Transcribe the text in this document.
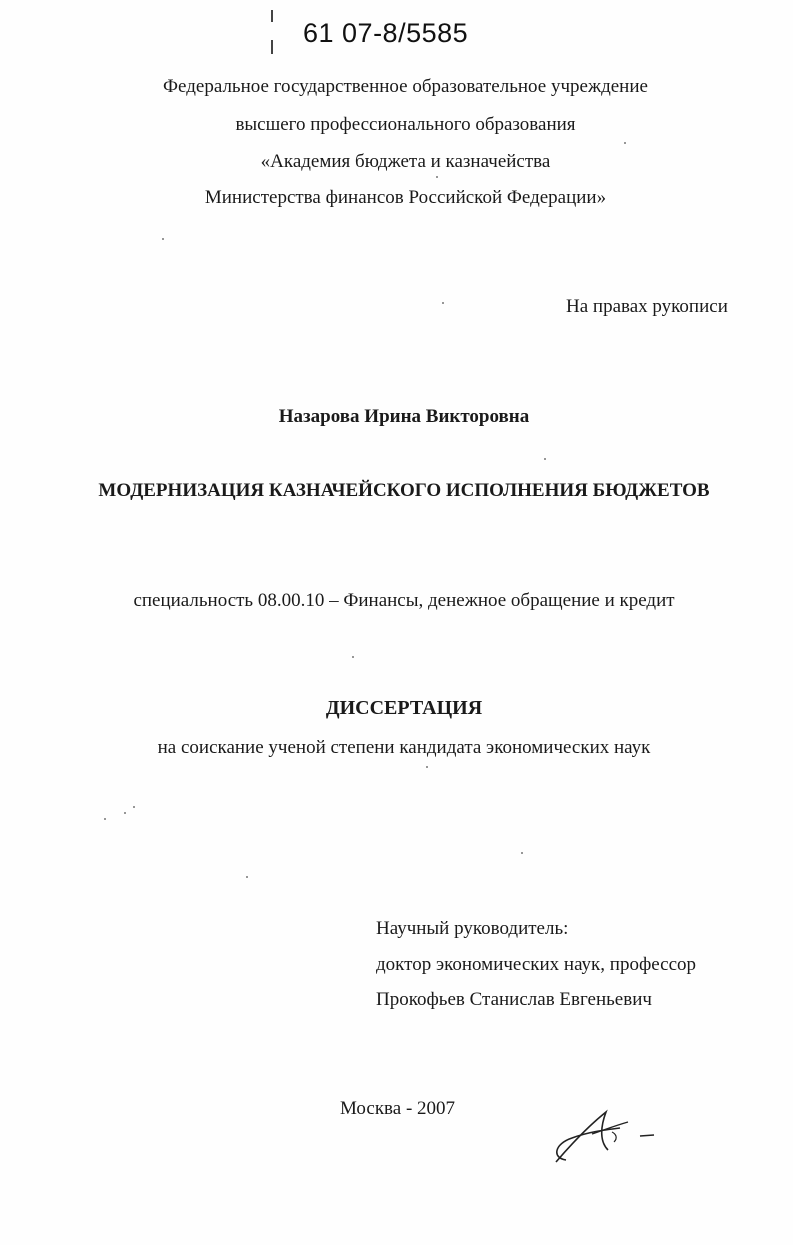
61 07-8/5585
Федеральное государственное образовательное учреждение
высшего профессионального образования
«Академия бюджета и казначейства
Министерства финансов Российской Федерации»
На правах рукописи
Назарова Ирина Викторовна
МОДЕРНИЗАЦИЯ КАЗНАЧЕЙСКОГО ИСПОЛНЕНИЯ БЮДЖЕТОВ
специальность 08.00.10 – Финансы, денежное обращение и кредит
ДИССЕРТАЦИЯ
на соискание ученой степени кандидата экономических наук
Научный руководитель:
доктор экономических наук, профессор
Прокофьев Станислав Евгеньевич
Москва - 2007
